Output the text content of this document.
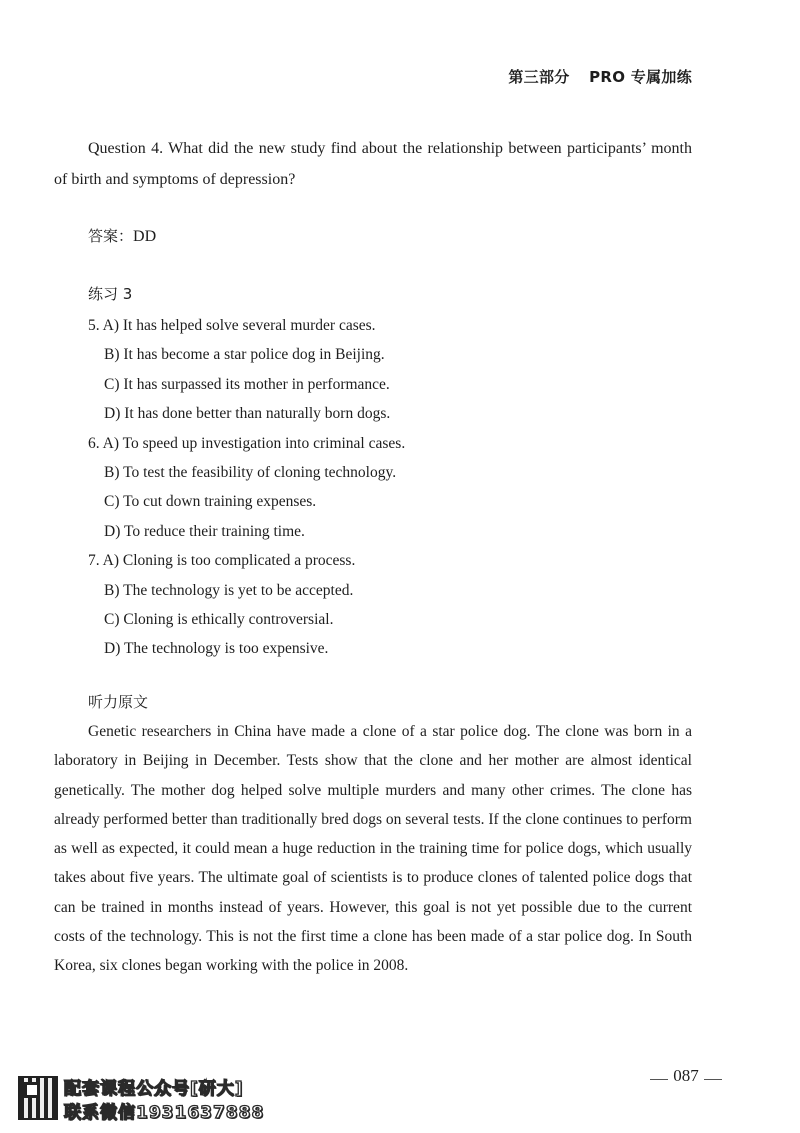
第三部分 PRO 专属加练

Question 4. What did the new study find about the relationship between participants’ month of birth and symptoms of depression?

答案：DD
练习 3
5. A) It has helped solve several murder cases.
B) It has become a star police dog in Beijing.
C) It has surpassed its mother in performance.
D) It has done better than naturally born dogs.
6. A) To speed up investigation into criminal cases.
B) To test the feasibility of cloning technology.
C) To cut down training expenses.
D) To reduce their training time.
7. A) Cloning is too complicated a process.
B) The technology is yet to be accepted.
C) Cloning is ethically controversial.
D) The technology is too expensive.
听力原文

Genetic researchers in China have made a clone of a star police dog. The clone was born in a laboratory in Beijing in December. Tests show that the clone and her mother are almost identical genetically. The mother dog helped solve multiple murders and many other crimes. The clone has already performed better than traditionally bred dogs on several tests. If the clone continues to perform as well as expected, it could mean a huge reduction in the training time for police dogs, which usually takes about five years. The ultimate goal of scientists is to produce clones of talented police dogs that can be trained in months instead of years. However, this goal is not yet possible due to the current costs of the technology. This is not the first time a clone has been made of a star police dog. In South Korea, six clones began working with the police in 2008.

配套课程公众号[研大]
联系微信1931637888
087
